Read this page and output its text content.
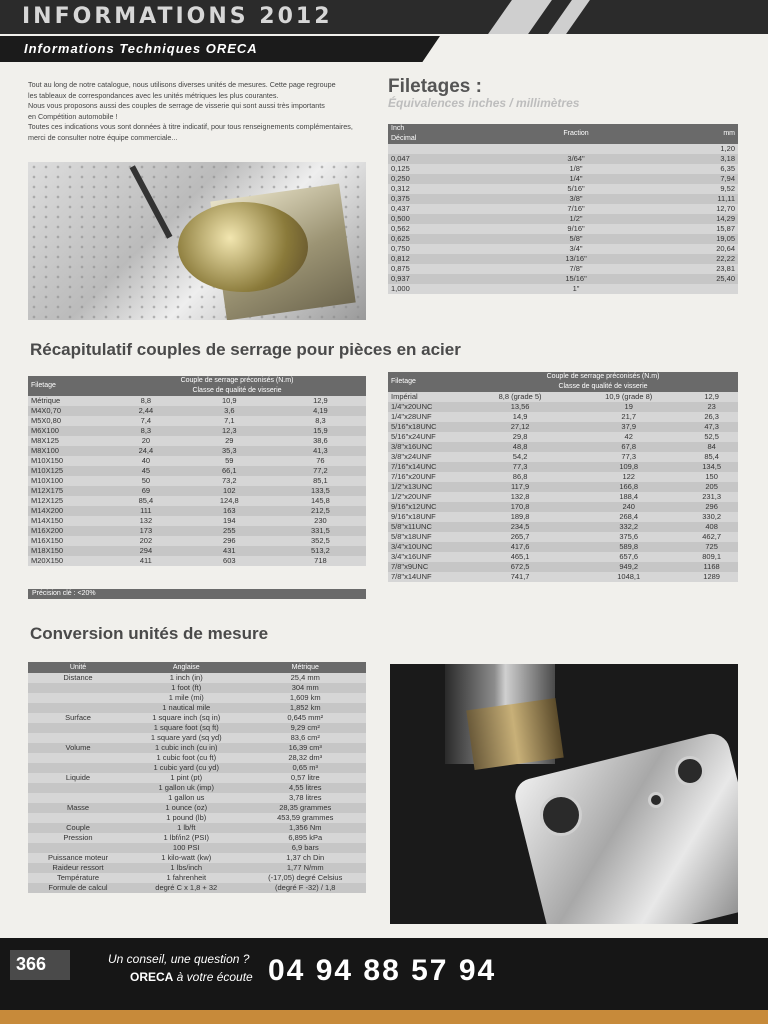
INFORMATIONS 2012
Informations Techniques ORECA
Tout au long de notre catalogue, nous utilisons diverses unités de mesures. Cette page regroupe
les tableaux de correspondances avec les unités métriques les plus courantes.
Nous vous proposons aussi des couples de serrage de visserie qui sont aussi très importants
en Compétition automobile !
Toutes ces indications vous sont données à titre indicatif, pour tous renseignements complémentaires,
merci de consulter notre équipe commerciale...
Filetages :
Équivalences inches / millimètres
Inch
Décimal	Fraction	mm
		1,20
0,047	3/64"	3,18
0,125	1/8"	6,35
0,250	1/4"	7,94
0,312	5/16"	9,52
0,375	3/8"	11,11
0,437	7/16"	12,70
0,500	1/2"	14,29
0,562	9/16"	15,87
0,625	5/8"	19,05
0,750	3/4"	20,64
0,812	13/16"	22,22
0,875	7/8"	23,81
0,937	15/16"	25,40
1,000	1"	
Récapitulatif couples de serrage pour pièces en acier
Filetage	Couple de serrage préconisés (N.m)		
	Classe de qualité de visserie		
Métrique	8,8	10,9	12,9
M4X0,70	2,44	3,6	4,19
M5X0,80	7,4	7,1	8,3
M6X100	8,3	12,3	15,9
M8X125	20	29	38,6
M8X100	24,4	35,3	41,3
M10X150	40	59	76
M10X125	45	66,1	77,2
M10X100	50	73,2	85,1
M12X175	69	102	133,5
M12X125	85,4	124,8	145,8
M14X200	111	163	212,5
M14X150	132	194	230
M16X200	173	255	331,5
M16X150	202	296	352,5
M18X150	294	431	513,2
M20X150	411	603	718
Précision clé : <20%
Filetage	Couple de serrage préconisés (N.m)		
	Classe de qualité de visserie		
Impérial	8,8 (grade 5)	10,9 (grade 8)	12,9
1/4"x20UNC	13,56	19	23
1/4"x28UNF	14,9	21,7	26,3
5/16"x18UNC	27,12	37,9	47,3
5/16"x24UNF	29,8	42	52,5
3/8"x16UNC	48,8	67,8	84
3/8"x24UNF	54,2	77,3	85,4
7/16"x14UNC	77,3	109,8	134,5
7/16"x20UNF	86,8	122	150
1/2"x13UNC	117,9	166,8	205
1/2"x20UNF	132,8	188,4	231,3
9/16"x12UNC	170,8	240	296
9/16"x18UNF	189,8	268,4	330,2
5/8"x11UNC	234,5	332,2	408
5/8"x18UNF	265,7	375,6	462,7
3/4"x10UNC	417,6	589,8	725
3/4"x16UNF	465,1	657,6	809,1
7/8"x9UNC	672,5	949,2	1168
7/8"x14UNF	741,7	1048,1	1289
Conversion unités de mesure
Unité	Anglaise	Métrique
Distance	1 inch (in)	25,4 mm
	1 foot (ft)	304 mm
	1 mile (mi)	1,609 km
	1 nautical mile	1,852 km
Surface	1 square inch (sq in)	0,645 mm²
	1 square foot (sq ft)	9,29 cm²
	1 square yard (sq yd)	83,6 cm²
Volume	1 cubic inch (cu in)	16,39 cm³
	1 cubic foot (cu ft)	28,32 dm³
	1 cubic yard (cu yd)	0,65 m³
Liquide	1 pint (pt)	0,57 litre
	1 gallon uk (imp)	4,55 litres
	1 gallon us	3,78 litres
Masse	1 ounce (oz)	28,35 grammes
	1 pound (lb)	453,59 grammes
Couple	1 lb/ft	1,356 Nm
Pression	1 lbf/in2 (PSI)	6,895 kPa
	100 PSI	6,9 bars
Puissance moteur	1 kilo-watt (kw)	1,37 ch Din
Raideur ressort	1 lbs/inch	1,77 N/mm
Température	1 fahrenheit	(-17,05) degré Celsius
Formule de calcul	degré C x 1,8 + 32	(degré F -32) / 1,8
366	Un conseil, une question ?
ORECA à votre écoute 04 94 88 57 94
